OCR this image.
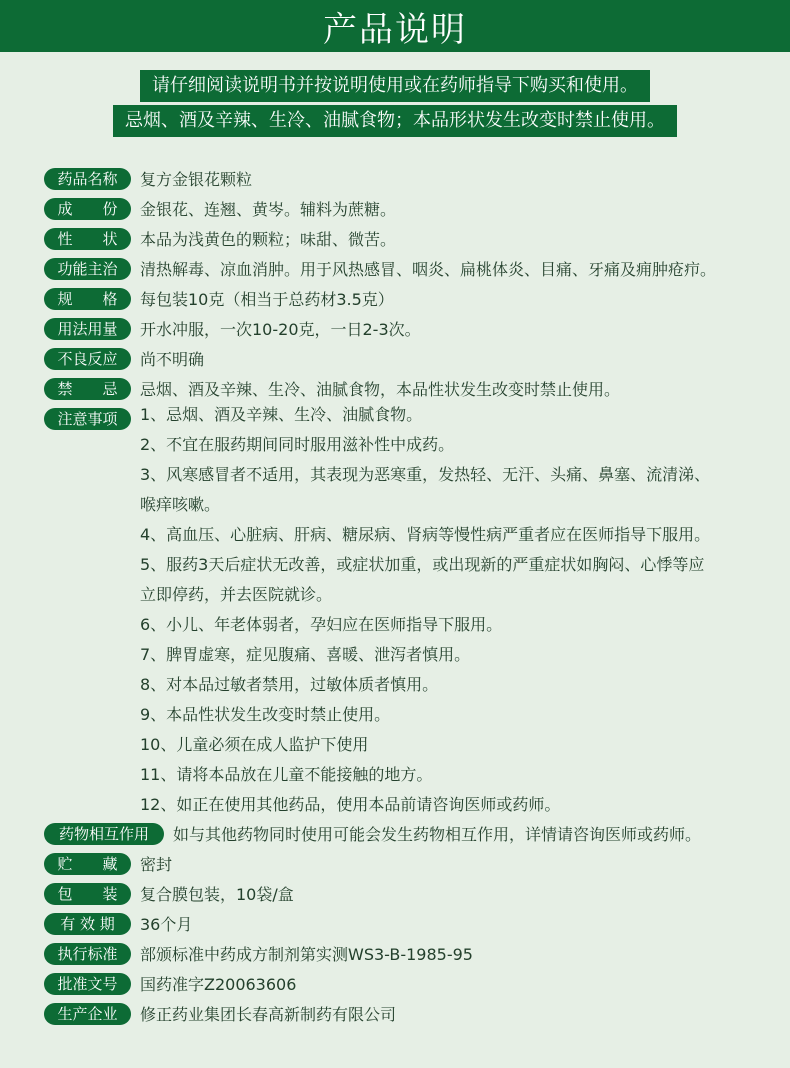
产品说明
请仔细阅读说明书并按说明使用或在药师指导下购买和使用。
忌烟、酒及辛辣、生冷、油腻食物；本品形状发生改变时禁止使用。
药品名称	复方金银花颗粒
成　　份	金银花、连翘、黄岑。辅料为蔗糖。
性　　状	本品为浅黄色的颗粒；味甜、微苦。
功能主治	清热解毒、凉血消肿。用于风热感冒、咽炎、扁桃体炎、目痛、牙痛及痈肿疮疖。
规　　格	每包装10克（相当于总药材3.5克）
用法用量	开水冲服，一次10-20克，一日2-3次。
不良反应	尚不明确
禁　　忌	忌烟、酒及辛辣、生冷、油腻食物，本品性状发生改变时禁止使用。
注意事项	1、忌烟、酒及辛辣、生冷、油腻食物。
2、不宜在服药期间同时服用滋补性中成药。
3、风寒感冒者不适用，其表现为恶寒重，发热轻、无汗、头痛、鼻塞、流清涕、
喉痒咳嗽。
4、高血压、心脏病、肝病、糖尿病、肾病等慢性病严重者应在医师指导下服用。
5、服药3天后症状无改善，或症状加重，或出现新的严重症状如胸闷、心悸等应
立即停药，并去医院就诊。
6、小儿、年老体弱者，孕妇应在医师指导下服用。
7、脾胃虚寒，症见腹痛、喜暖、泄泻者慎用。
8、对本品过敏者禁用，过敏体质者慎用。
9、本品性状发生改变时禁止使用。
10、儿童必须在成人监护下使用
11、请将本品放在儿童不能接触的地方。
12、如正在使用其他药品，使用本品前请咨询医师或药师。
药物相互作用	如与其他药物同时使用可能会发生药物相互作用，详情请咨询医师或药师。
贮　　藏	密封
包　　装	复合膜包装，10袋/盒
有 效 期	36个月
执行标准	部颁标准中药成方制剂第实测WS3-B-1985-95
批准文号	国药准字Z20063606
生产企业	修正药业集团长春高新制药有限公司
